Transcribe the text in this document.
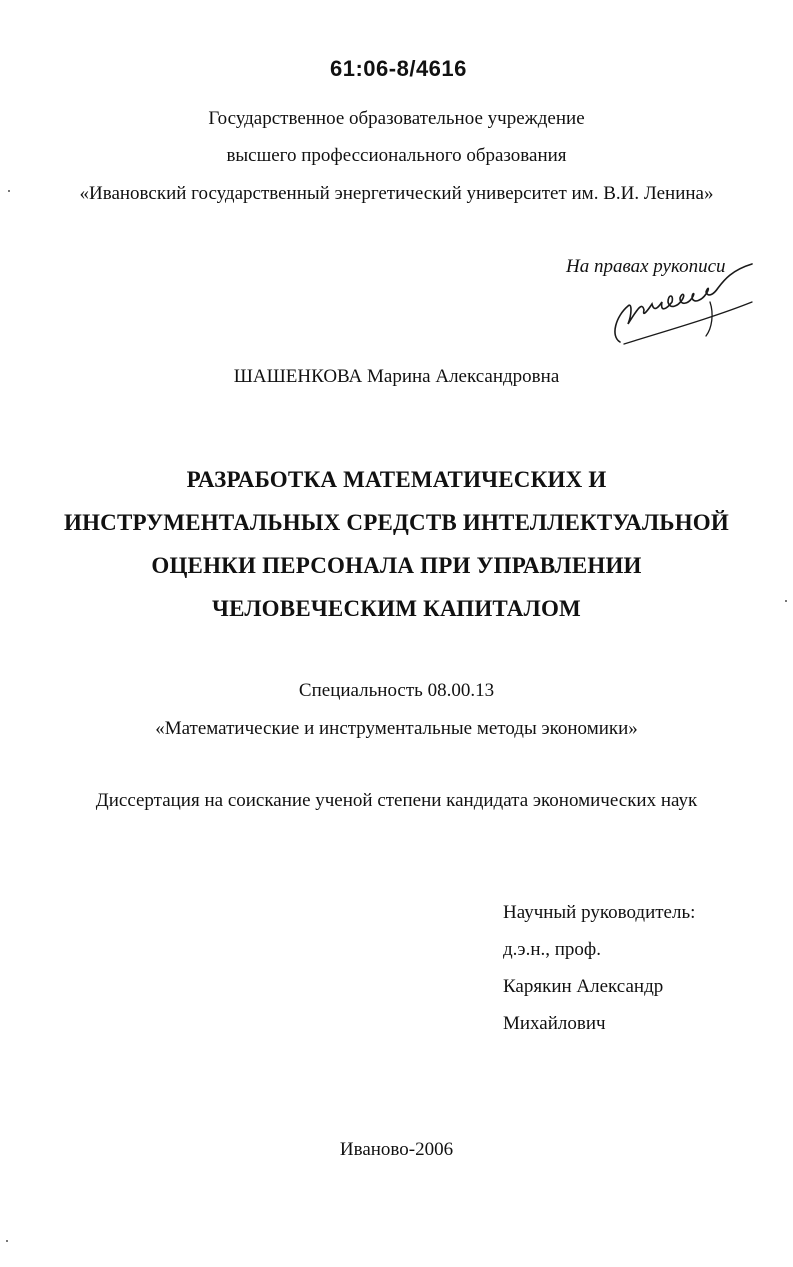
61:06-8/4616
Государственное образовательное учреждение
высшего профессионального образования
«Ивановский государственный энергетический университет им. В.И. Ленина»
На правах рукописи
ШАШЕНКОВА Марина Александровна
РАЗРАБОТКА МАТЕМАТИЧЕСКИХ И
ИНСТРУМЕНТАЛЬНЫХ СРЕДСТВ ИНТЕЛЛЕКТУАЛЬНОЙ
ОЦЕНКИ ПЕРСОНАЛА ПРИ УПРАВЛЕНИИ
ЧЕЛОВЕЧЕСКИМ КАПИТАЛОМ
Специальность 08.00.13
«Математические и инструментальные методы экономики»
Диссертация на соискание ученой степени кандидата экономических наук
Научный руководитель:
д.э.н., проф.
Карякин Александр
Михайлович
Иваново-2006
